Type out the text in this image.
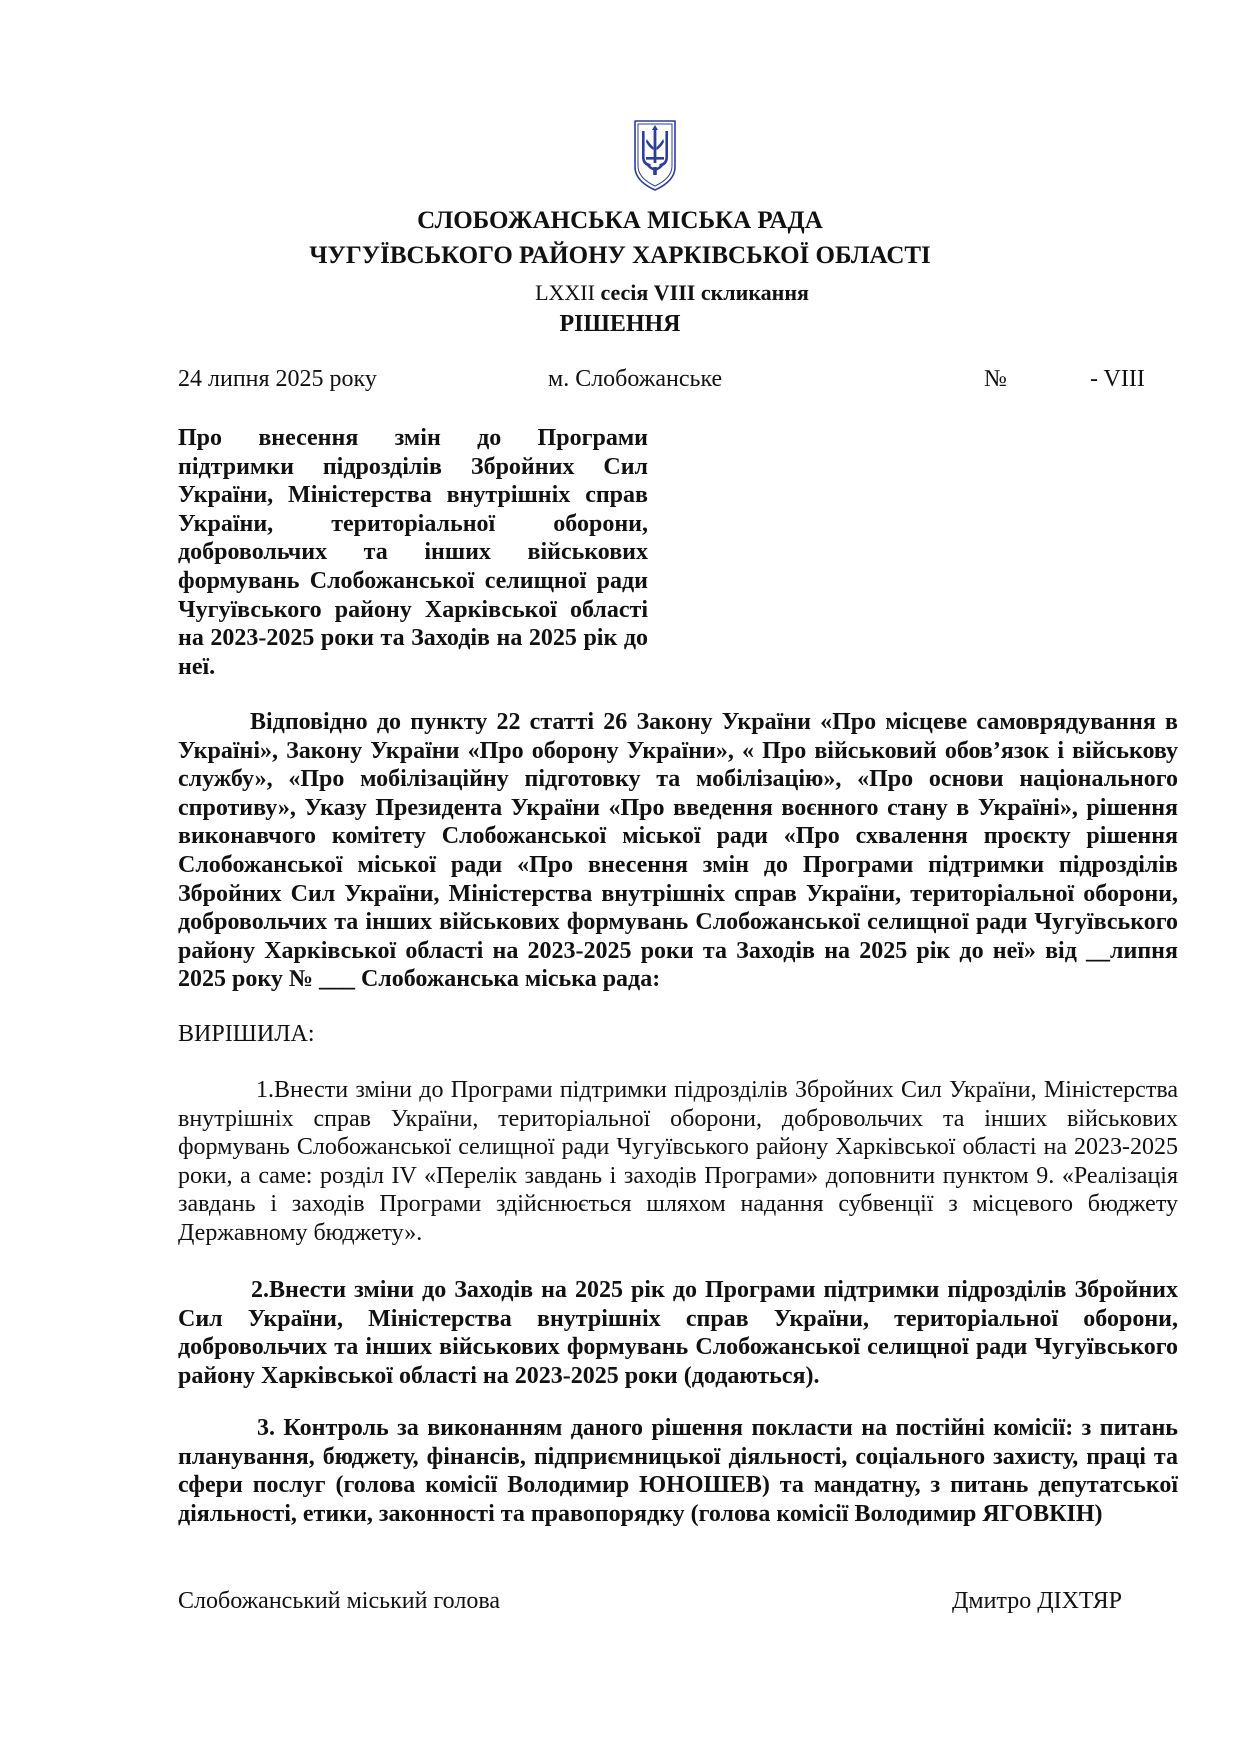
СЛОБОЖАНСЬКА МІСЬКА РАДА
ЧУГУЇВСЬКОГО РАЙОНУ ХАРКІВСЬКОЇ ОБЛАСТІ
LXXII сесія VIII скликання
РІШЕННЯ
24 липня 2025 року	м. Слобожанське	№	- VIII

Про внесення змін до Програми підтримки підрозділів Збройних Сил України, Міністерства внутрішніх справ України, територіальної оборони, добровольчих та інших військових формувань Слобожанської селищної ради Чугуївського району Харківської області на 2023-2025 роки та Заходів на 2025 рік до неї.

Відповідно до пункту 22 статті 26 Закону України «Про місцеве самоврядування в Україні», Закону України «Про оборону України», « Про військовий обов’язок і військову службу», «Про мобілізаційну підготовку та мобілізацію», «Про основи національного спротиву», Указу Президента України «Про введення воєнного стану в Україні», рішення виконавчого комітету Слобожанської міської ради «Про схвалення проєкту рішення Слобожанської міської ради «Про внесення змін до Програми підтримки підрозділів Збройних Сил України, Міністерства внутрішніх справ України, територіальної оборони, добровольчих та інших військових формувань Слобожанської селищної ради Чугуївського району Харківської області на 2023-2025 роки та Заходів на 2025 рік до неї» від __липня 2025 року № ___ Слобожанська міська рада:

ВИРІШИЛА:

1.Внести зміни до Програми підтримки підрозділів Збройних Сил України, Міністерства внутрішніх справ України, територіальної оборони, добровольчих та інших військових формувань Слобожанської селищної ради Чугуївського району Харківської області на 2023-2025 роки, а саме: розділ ІV «Перелік завдань і заходів Програми» доповнити пунктом 9. «Реалізація завдань і заходів Програми здійснюється шляхом надання субвенції з місцевого бюджету Державному бюджету».

2.Внести зміни до Заходів на 2025 рік до Програми підтримки підрозділів Збройних Сил України, Міністерства внутрішніх справ України, територіальної оборони, добровольчих та інших військових формувань Слобожанської селищної ради Чугуївського району Харківської області на 2023-2025 роки (додаються).

3. Контроль за виконанням даного рішення покласти на постійні комісії: з питань планування, бюджету, фінансів, підприємницької діяльності, соціального захисту, праці та сфери послуг (голова комісії Володимир ЮНОШЕВ) та мандатну, з питань депутатської діяльності, етики, законності та правопорядку (голова комісії Володимир ЯГОВКІН)

Слобожанський міський голова	Дмитро ДІХТЯР
